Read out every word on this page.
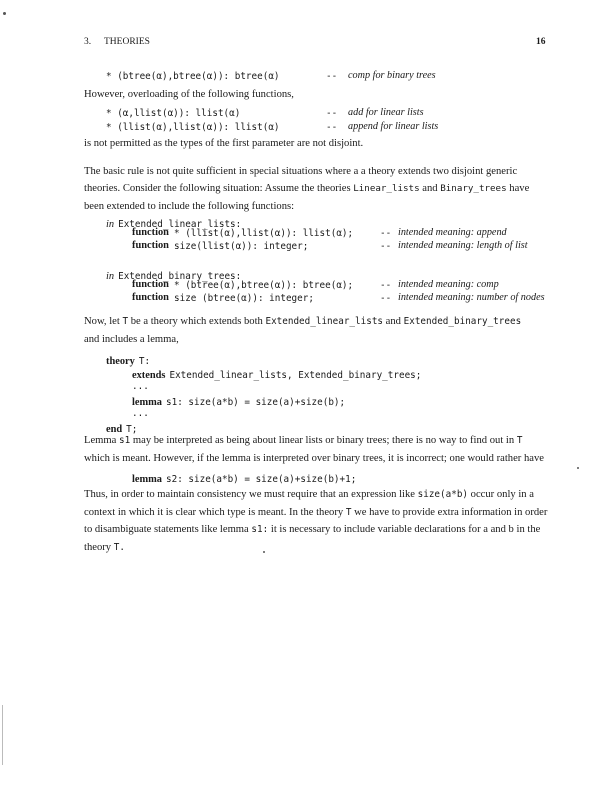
3. THEORIES	16
* (btree(α),btree(α)): btree(α)	-- comp for binary trees
However, overloading of the following functions,
* (α,llist(α)): llist(α)	-- add for linear lists
* (llist(α),llist(α)): llist(α)	-- append for linear lists
is not permitted as the types of the first parameter are not disjoint.
The basic rule is not quite sufficient in special situations where a a theory extends two disjoint generic
theories. Consider the following situation: Assume the theories Linear_lists and Binary_trees have
been extended to include the following functions:
in Extended_linear_lists:
function * (llist(α),llist(α)): llist(α);	-- intended meaning: append
function size(llist(α)): integer;	-- intended meaning: length of list
in Extended_binary_trees:
function * (btree(α),btree(α)): btree(α);	-- intended meaning: comp
function size (btree(α)): integer;	-- intended meaning: number of nodes
Now, let T be a theory which extends both Extended_linear_lists and Extended_binary_trees
and includes a lemma,
theory T:
extends Extended_linear_lists, Extended_binary_trees;
...
lemma s1: size(a*b) = size(a)+size(b);
...
end T;
Lemma s1 may be interpreted as being about linear lists or binary trees; there is no way to find out in T
which is meant. However, if the lemma is interpreted over binary trees, it is incorrect; one would rather have
lemma s2: size(a*b) = size(a)+size(b)+1;
Thus, in order to maintain consistency we must require that an expression like size(a*b) occur only in a
context in which it is clear which type is meant. In the theory T we have to provide extra information in order
to disambiguate statements like lemma s1: it is necessary to include variable declarations for a and b in the
theory T.
